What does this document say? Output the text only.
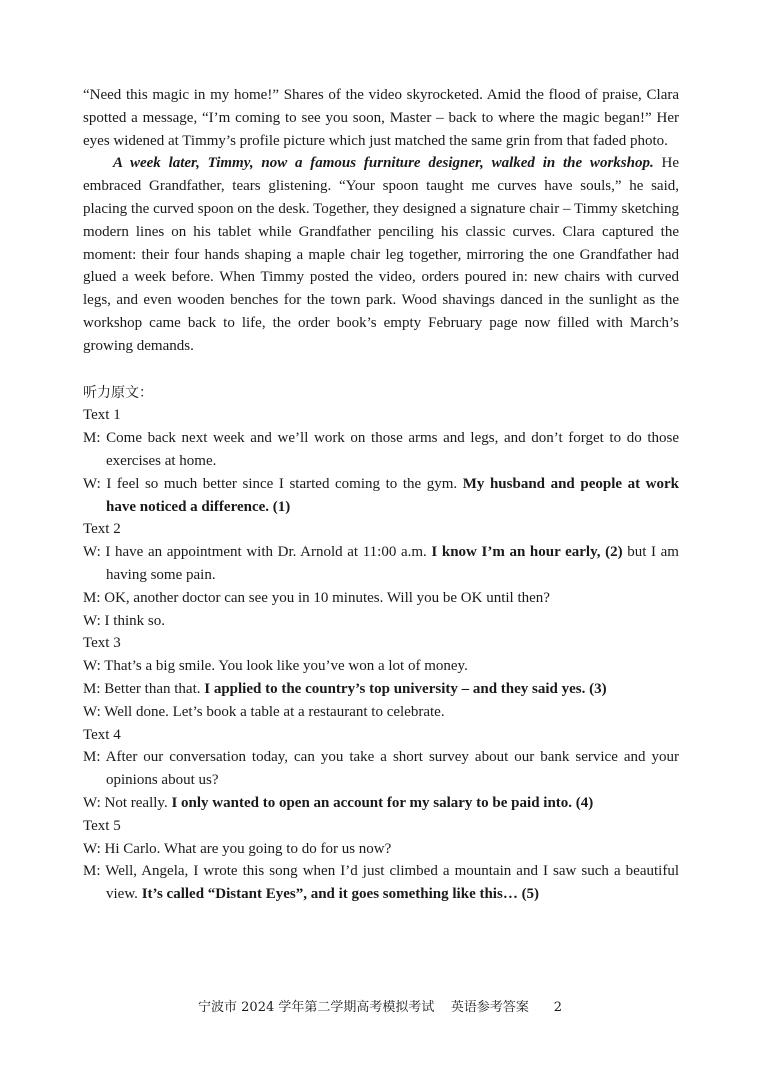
“Need this magic in my home!” Shares of the video skyrocketed. Amid the flood of praise, Clara spotted a message, “I’m coming to see you soon, Master – back to where the magic began!” Her eyes widened at Timmy’s profile picture which just matched the same grin from that faded photo.

A week later, Timmy, now a famous furniture designer, walked in the workshop. He embraced Grandfather, tears glistening. “Your spoon taught me curves have souls,” he said, placing the curved spoon on the desk. Together, they designed a signature chair – Timmy sketching modern lines on his tablet while Grandfather penciling his classic curves. Clara captured the moment: their four hands shaping a maple chair leg together, mirroring the one Grandfather had glued a week before. When Timmy posted the video, orders poured in: new chairs with curved legs, and even wooden benches for the town park. Wood shavings danced in the sunlight as the workshop came back to life, the order book’s empty February page now filled with March’s growing demands.

听力原文：
Text 1
M: Come back next week and we’ll work on those arms and legs, and don’t forget to do those exercises at home.
W: I feel so much better since I started coming to the gym. My husband and people at work have noticed a difference. (1)
Text 2
W: I have an appointment with Dr. Arnold at 11:00 a.m. I know I’m an hour early, (2) but I am having some pain.
M: OK, another doctor can see you in 10 minutes. Will you be OK until then?
W: I think so.
Text 3
W: That’s a big smile. You look like you’ve won a lot of money.
M: Better than that. I applied to the country’s top university – and they said yes. (3)
W: Well done. Let’s book a table at a restaurant to celebrate.
Text 4
M: After our conversation today, can you take a short survey about our bank service and your opinions about us?
W: Not really. I only wanted to open an account for my salary to be paid into. (4)
Text 5
W: Hi Carlo. What are you going to do for us now?
M: Well, Angela, I wrote this song when I’d just climbed a mountain and I saw such a beautiful view. It’s called “Distant Eyes”, and it goes something like this… (5)
宁波市 2024 学年第二学期高考模拟考试    英语参考答案      2
